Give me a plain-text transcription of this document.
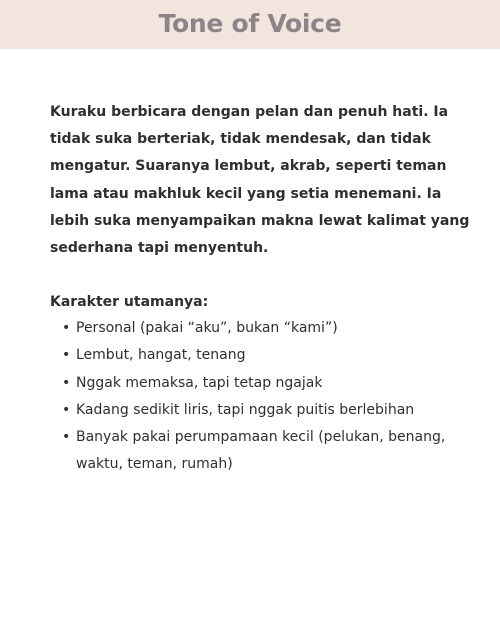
Tone of Voice

Kuraku berbicara dengan pelan dan penuh hati. Ia tidak suka berteriak, tidak mendesak, dan tidak mengatur. Suaranya lembut, akrab, seperti teman lama atau makhluk kecil yang setia menemani. Ia lebih suka menyampaikan makna lewat kalimat yang sederhana tapi menyentuh.

Karakter utamanya:
• Personal (pakai “aku”, bukan “kami”)
• Lembut, hangat, tenang
• Nggak memaksa, tapi tetap ngajak
• Kadang sedikit liris, tapi nggak puitis berlebihan
• Banyak pakai perumpamaan kecil (pelukan, benang, waktu, teman, rumah)
